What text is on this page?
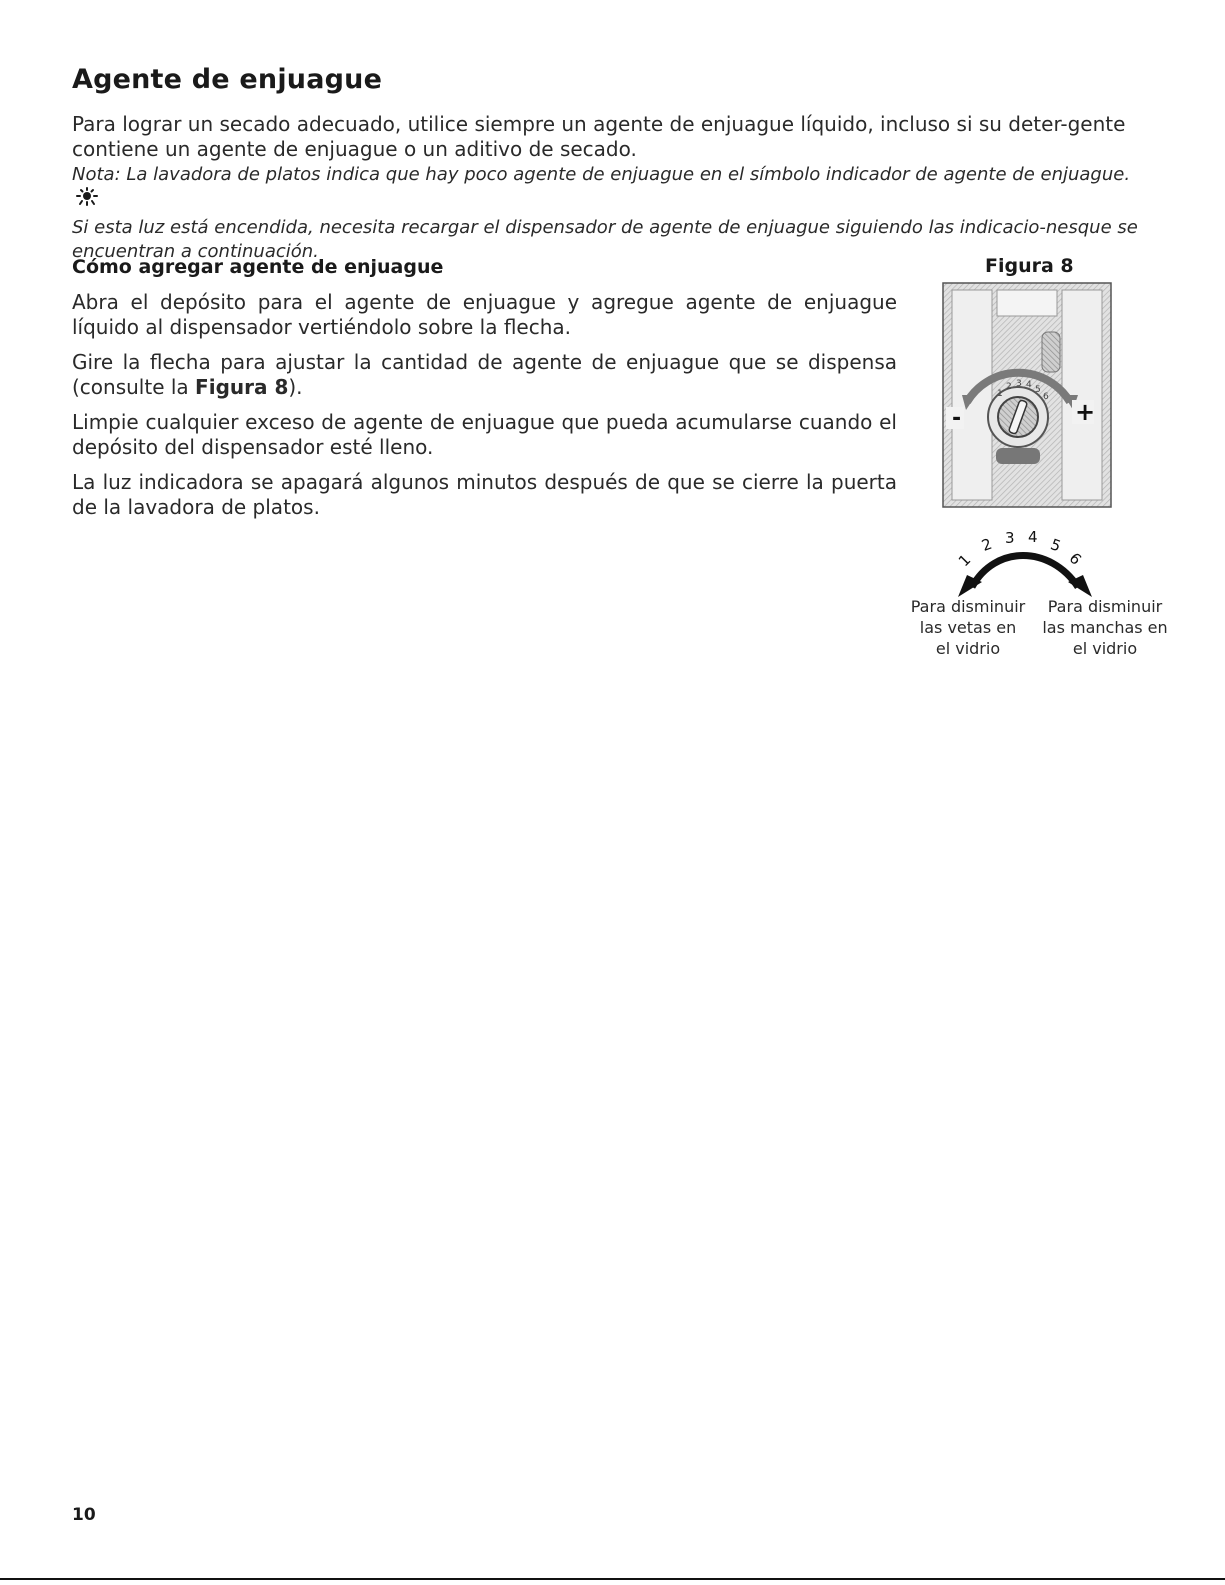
Agente de enjuague

Para lograr un secado adecuado, utilice siempre un agente de enjuague líquido, incluso si su deter-gente contiene un agente de enjuague o un aditivo de secado.

Nota: La lavadora de platos indica que hay poco agente de enjuague en el símbolo indicador de agente de enjuague.
Si esta luz está encendida, necesita recargar el dispensador de agente de enjuague siguiendo las indicacio-nesque se encuentran a continuación.

Cómo agregar agente de enjuague

Abra el depósito para el agente de enjuague y agregue agente de enjuague líquido al dispensador vertiéndolo sobre la flecha.

Gire la flecha para ajustar la cantidad de agente de enjuague que se dispensa (consulte la Figura 8).

Limpie cualquier exceso de agente de enjuague que pueda acumularse cuando el depósito del dispensador esté lleno.

La luz indicadora se apagará algunos minutos después de que se cierre la puerta de la lavadora de platos.

Figura 8

-	+
1
2 3 4 5
6
1
2 3 4 5
6
Para disminuir
las vetas en
el vidrio
Para disminuir
las manchas en
el vidrio

10
